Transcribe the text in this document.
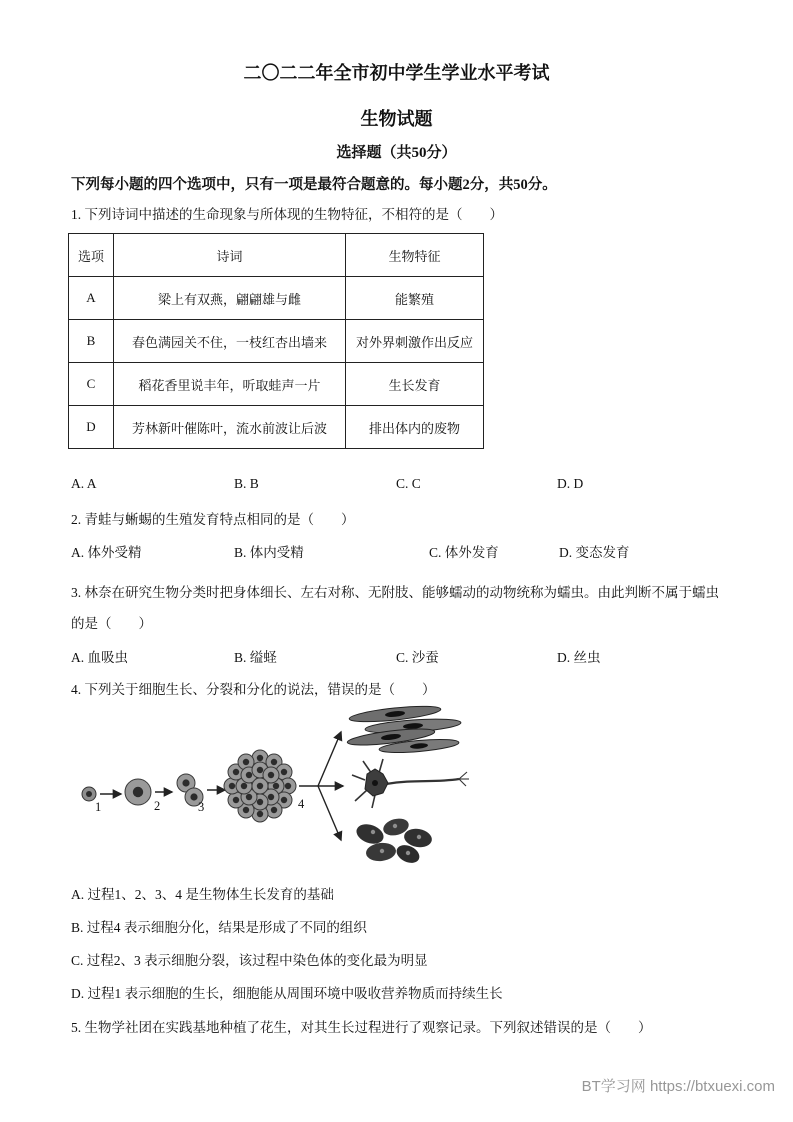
二〇二二年全市初中学生学业水平考试
生物试题
选择题（共50分）

下列每小题的四个选项中，只有一项是最符合题意的。每小题2分，共50分。

1. 下列诗词中描述的生命现象与所体现的生物特征，不相符的是（　　）

选项	诗词	生物特征
A	梁上有双燕，翩翩雄与雌	能繁殖
B	春色满园关不住，一枝红杏出墙来	对外界刺激作出反应
C	稻花香里说丰年，听取蛙声一片	生长发育
D	芳林新叶催陈叶，流水前波让后波	排出体内的废物
A. A	B. B	C. C	D. D

2. 青蛙与蜥蜴的生殖发育特点相同的是（　　）

A. 体外受精	B. 体内受精	C. 体外发育	D. 变态发育

3. 林奈在研究生物分类时把身体细长、左右对称、无附肢、能够蠕动的动物统称为蠕虫。由此判断不属于蠕虫的是（　　）

A. 血吸虫	B. 缢蛏	C. 沙蚕	D. 丝虫

4. 下列关于细胞生长、分裂和分化的说法，错误的是（　　）

1	2	3	4

A. 过程1、2、3、4 是生物体生长发育的基础

B. 过程4 表示细胞分化，结果是形成了不同的组织

C. 过程2、3 表示细胞分裂，该过程中染色体的变化最为明显

D. 过程1 表示细胞的生长，细胞能从周围环境中吸收营养物质而持续生长

5. 生物学社团在实践基地种植了花生，对其生长过程进行了观察记录。下列叙述错误的是（　　）

BT学习网 https://btxuexi.com
